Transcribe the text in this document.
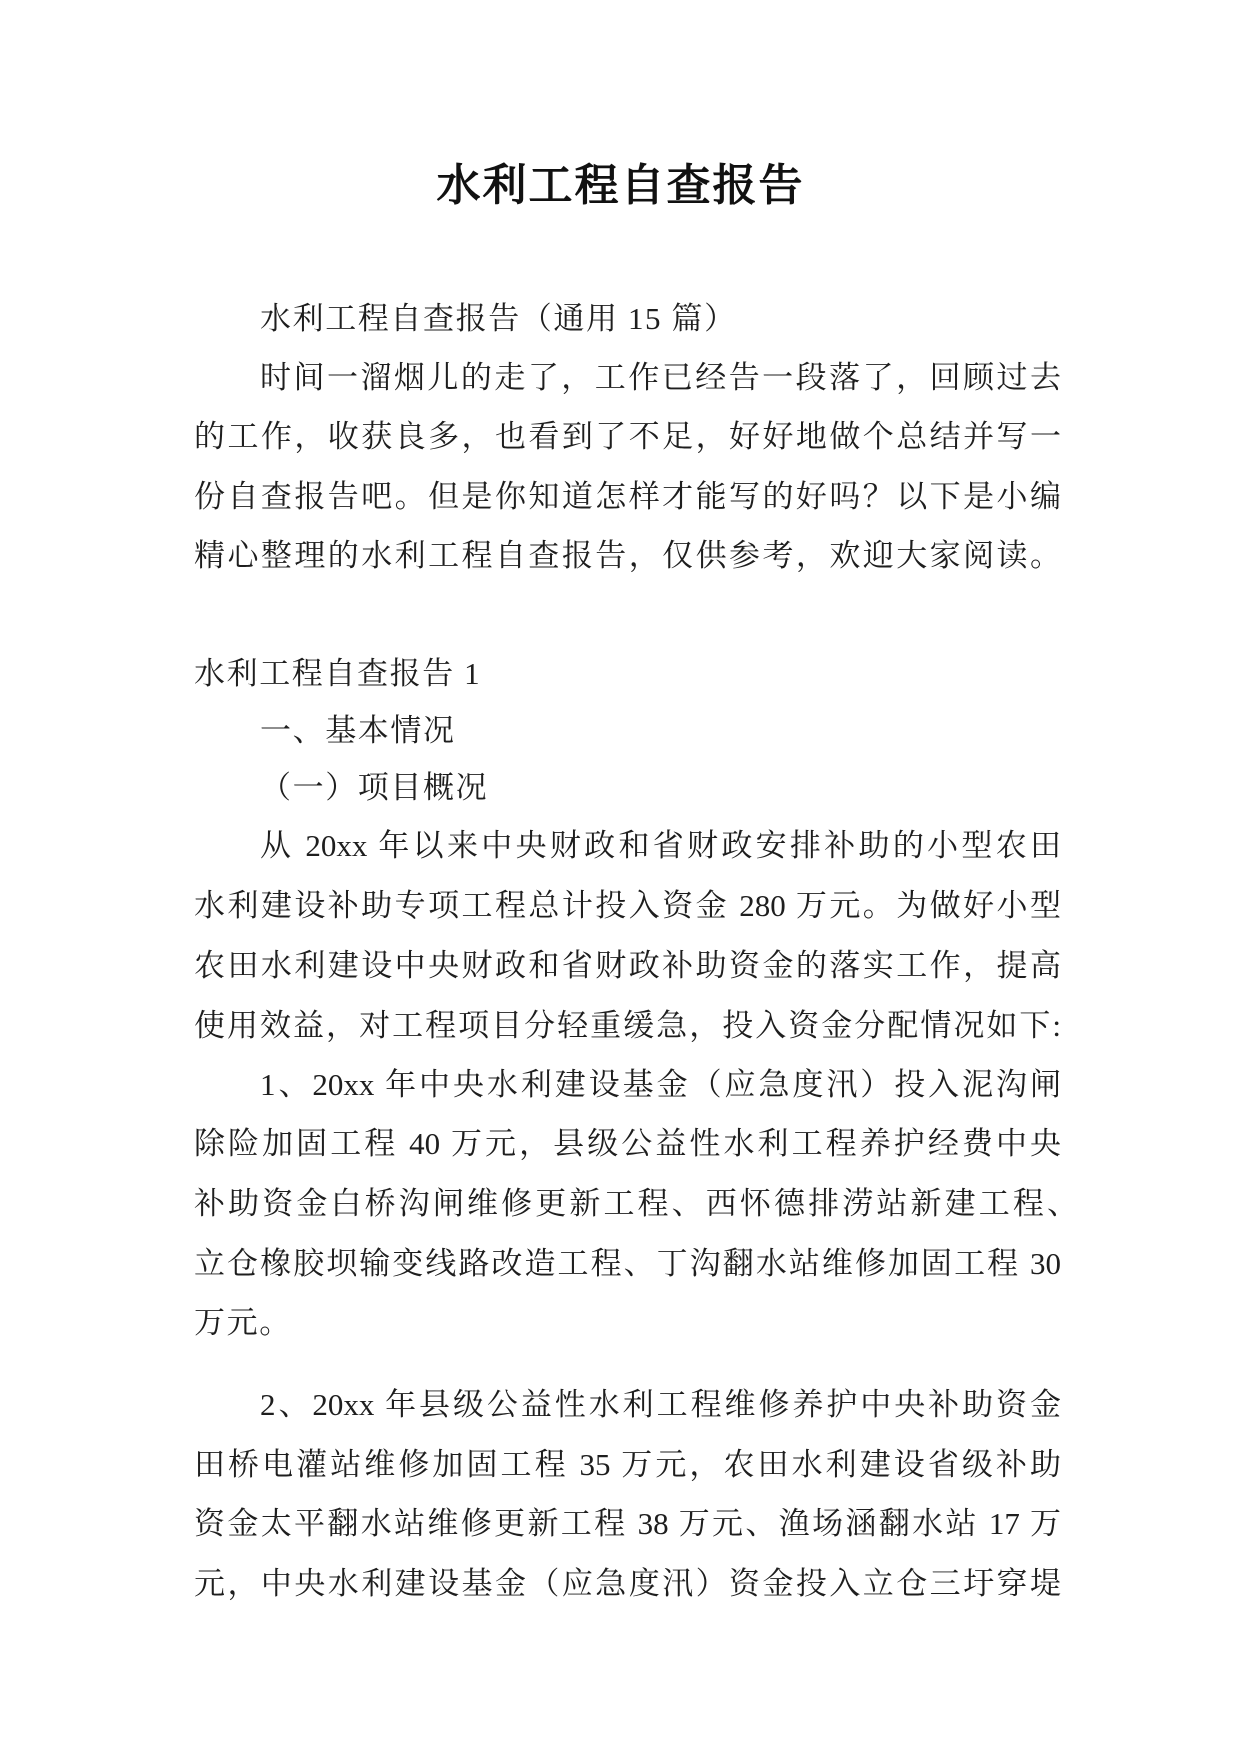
水利工程自查报告
水利工程自查报告（通用 15 篇）
时间一溜烟儿的走了，工作已经告一段落了，回顾过去
的工作，收获良多，也看到了不足，好好地做个总结并写一
份自查报告吧。但是你知道怎样才能写的好吗？以下是小编
精心整理的水利工程自查报告，仅供参考，欢迎大家阅读。
水利工程自查报告 1
一、基本情况
（一）项目概况
从 20xx 年以来中央财政和省财政安排补助的小型农田
水利建设补助专项工程总计投入资金 280 万元。为做好小型
农田水利建设中央财政和省财政补助资金的落实工作，提高
使用效益，对工程项目分轻重缓急，投入资金分配情况如下:
1、20xx 年中央水利建设基金（应急度汛）投入泥沟闸
除险加固工程 40 万元，县级公益性水利工程养护经费中央
补助资金白桥沟闸维修更新工程、西怀德排涝站新建工程、
立仓橡胶坝输变线路改造工程、丁沟翻水站维修加固工程 30
万元。
2、20xx 年县级公益性水利工程维修养护中央补助资金
田桥电灌站维修加固工程 35 万元，农田水利建设省级补助
资金太平翻水站维修更新工程 38 万元、渔场涵翻水站 17 万
元，中央水利建设基金（应急度汛）资金投入立仓三圩穿堤
